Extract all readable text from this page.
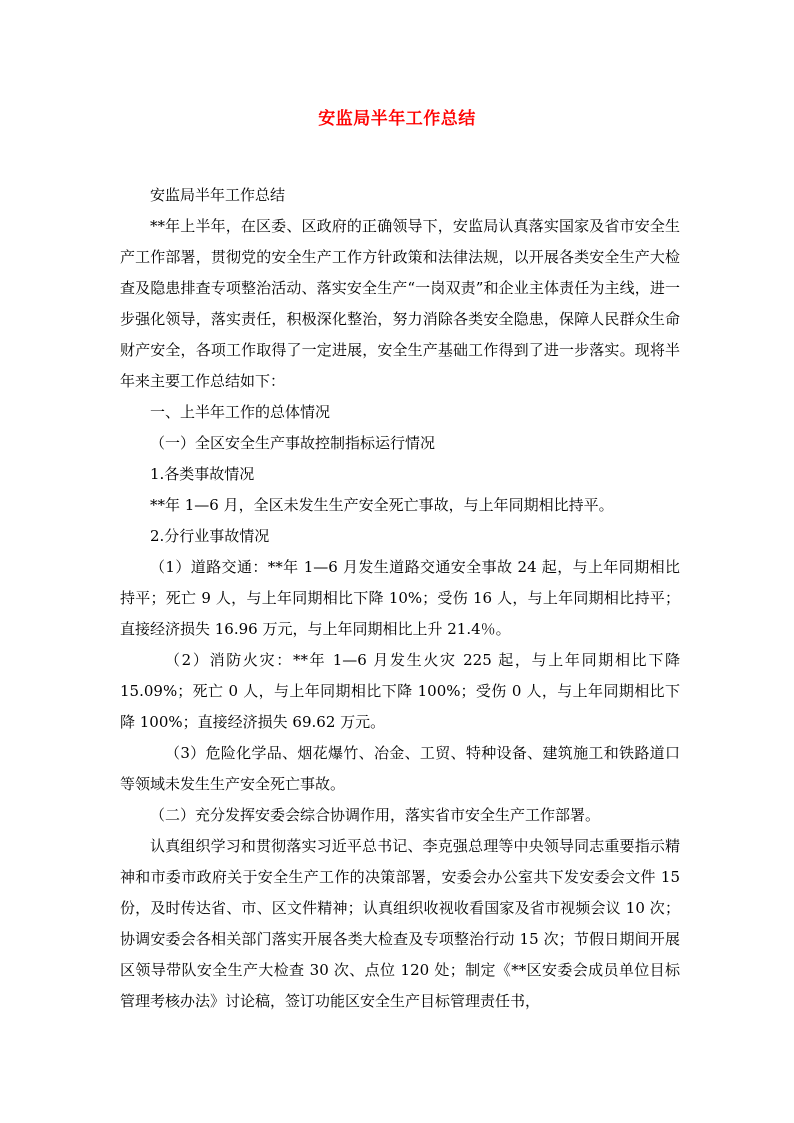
安监局半年工作总结

安监局半年工作总结

**年上半年，在区委、区政府的正确领导下，安监局认真落实国家及省市安全生产工作部署，贯彻党的安全生产工作方针政策和法律法规，以开展各类安全生产大检查及隐患排查专项整治活动、落实安全生产“一岗双责”和企业主体责任为主线，进一步强化领导，落实责任，积极深化整治，努力消除各类安全隐患，保障人民群众生命财产安全，各项工作取得了一定进展，安全生产基础工作得到了进一步落实。现将半年来主要工作总结如下：

一、上半年工作的总体情况

（一）全区安全生产事故控制指标运行情况

1.各类事故情况

**年 1—6 月，全区未发生生产安全死亡事故，与上年同期相比持平。

2.分行业事故情况

（1）道路交通：**年 1—6 月发生道路交通安全事故 24 起，与上年同期相比持平；死亡 9 人，与上年同期相比下降 10%；受伤 16 人，与上年同期相比持平；直接经济损失 16.96 万元，与上年同期相比上升 21.4％。

（2）消防火灾：**年 1—6 月发生火灾 225 起，与上年同期相比下降 15.09%；死亡 0 人，与上年同期相比下降 100%；受伤 0 人，与上年同期相比下降 100%；直接经济损失 69.62 万元。

（3）危险化学品、烟花爆竹、冶金、工贸、特种设备、建筑施工和铁路道口等领域未发生生产安全死亡事故。

（二）充分发挥安委会综合协调作用，落实省市安全生产工作部署。

认真组织学习和贯彻落实习近平总书记、李克强总理等中央领导同志重要指示精神和市委市政府关于安全生产工作的决策部署，安委会办公室共下发安委会文件 15 份，及时传达省、市、区文件精神；认真组织收视收看国家及省市视频会议 10 次；协调安委会各相关部门落实开展各类大检查及专项整治行动 15 次；节假日期间开展区领导带队安全生产大检查 30 次、点位 120 处；制定《**区安委会成员单位目标管理考核办法》讨论稿，签订功能区安全生产目标管理责任书，
